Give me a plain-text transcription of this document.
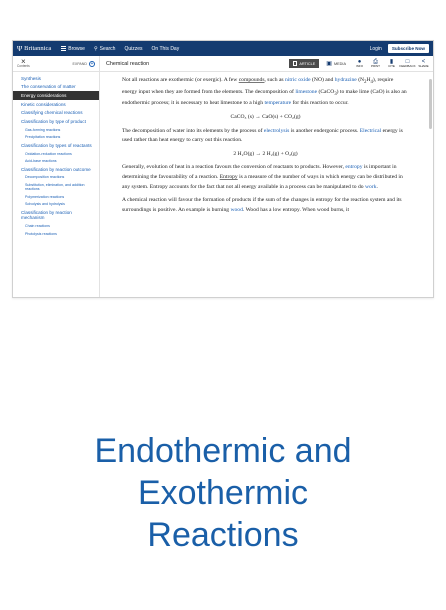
Ψ Britannica	Browse ⚲ Search Quizzes On This Day	Login	Subscribe Now
×
Contents
EXPAND +	Chemical reaction	ARTICLE ▣ MEDIA ●
INFO
⎙
PRINT
▮
CITE
□
FEEDBACK
<
SHARE
Synthesis
The conservation of matter
Energy considerations
Kinetic considerations
Classifying chemical reactions
Classification by type of product
Gas-forming reactions
Precipitation reactions
Classification by types of reactants
Oxidation-reduction reactions
Acid-base reactions
Classification by reaction outcome
Decomposition reactions
Substitution, elimination, and addition reactions
Polymerization reactions
Solvolysis and hydrolysis
Classification by reaction mechanism
Chain reactions
Photolysis reactions

Not all reactions are exothermic (or exergic). A few compounds, such as nitric oxide (NO) and hydrazine $(N_2H_4)$, require energy input when they are formed from the elements. The decomposition of limestone (CaCO$_3$) to make lime (CaO) is also an endothermic process; it is necessary to heat limestone to a high temperature for this reaction to occur.

CaCO₃ (s) → CaO(s) + CO₂(g)

The decomposition of water into its elements by the process of electrolysis is another endergonic process. Electrical energy is used rather than heat energy to carry out this reaction.

2 H₂O(g) → 2 H₂(g) + O₂(g)

Generally, evolution of heat in a reaction favours the conversion of reactants to products. However, entropy is important in determining the favourability of a reaction. Entropy is a measure of the number of ways in which energy can be distributed in any system. Entropy accounts for the fact that not all energy available in a process can be manipulated to do work.

A chemical reaction will favour the formation of products if the sum of the changes in entropy for the reaction system and its surroundings is positive. An example is burning wood. Wood has a low entropy. When wood burns, it

Endothermic and
Exothermic
Reactions
